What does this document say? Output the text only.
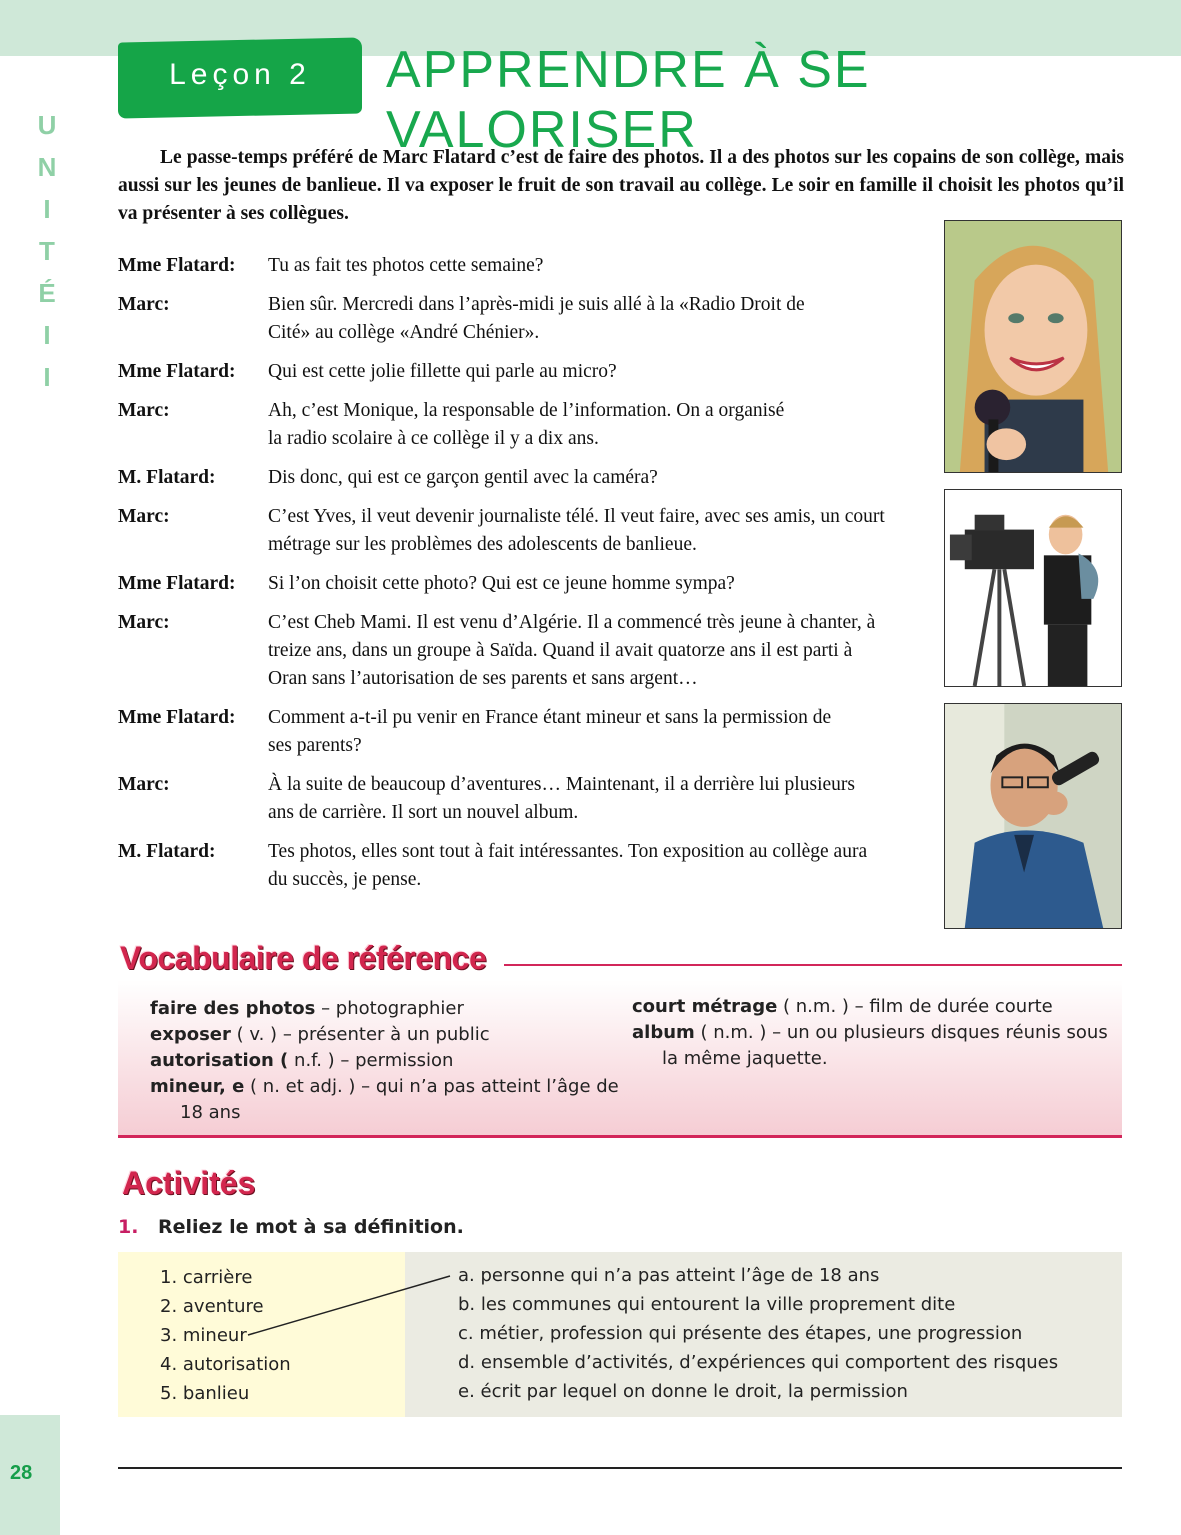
28
U
N
I
T
É
I
I
Leçon 2	APPRENDRE À SE VALORISER

Le passe-temps préféré de Marc Flatard c’est de faire des photos. Il a des photos sur les copains de son collège, mais aussi sur les jeunes de banlieue. Il va exposer le fruit de son travail au collège. Le soir en famille il choisit les photos qu’il va présenter à ses collègues.

Mme Flatard:	Tu as fait tes photos cette semaine?
Marc:	Bien sûr. Mercredi dans l’après-midi je suis allé à la «Radio Droit de Cité» au collège «André Chénier».
Mme Flatard:	Qui est cette jolie fillette qui parle au micro?
Marc:	Ah, c’est Monique, la responsable de l’information. On a organisé la radio scolaire à ce collège il y a dix ans.
M. Flatard:	Dis donc, qui est ce garçon gentil avec la caméra?
Marc:	C’est Yves, il veut devenir journaliste télé. Il veut faire, avec ses amis, un court métrage sur les problèmes des adolescents de banlieue.
Mme Flatard:	Si l’on choisit cette photo? Qui est ce jeune homme sympa?
Marc:	C’est Cheb Mami. Il est venu d’Algérie. Il a commencé très jeune à chanter, à treize ans, dans un groupe à Saïda. Quand il avait quatorze ans il est parti à Oran sans l’autorisation de ses parents et sans argent…
Mme Flatard:	Comment a-t-il pu venir en France étant mineur et sans la permission de ses parents?
Marc:	À la suite de beaucoup d’aventures… Maintenant, il a derrière lui plusieurs ans de carrière. Il sort un nouvel album.
M. Flatard:	Tes photos, elles sont tout à fait intéressantes. Ton exposition au collège aura du succès, je pense.
Vocabulaire de référence
faire des photos – photographier
exposer ( v. ) – présenter à un public
autorisation ( n.f. ) – permission
mineur, e ( n. et adj. ) – qui n’a pas atteint l’âge de 18 ans
court métrage ( n.m. ) – film de durée courte
album ( n.m. ) – un ou plusieurs disques réunis sous la même jaquette.
Activités
1. Reliez le mot à sa définition.
1. carrière
2. aventure
3. mineur
4. autorisation
5. banlieu
a. personne qui n’a pas atteint l’âge de 18 ans
b. les communes qui entourent la ville proprement dite
c. métier, profession qui présente des étapes, une progression
d. ensemble d’activités, d’expériences qui comportent des risques
e. écrit par lequel on donne le droit, la permission
